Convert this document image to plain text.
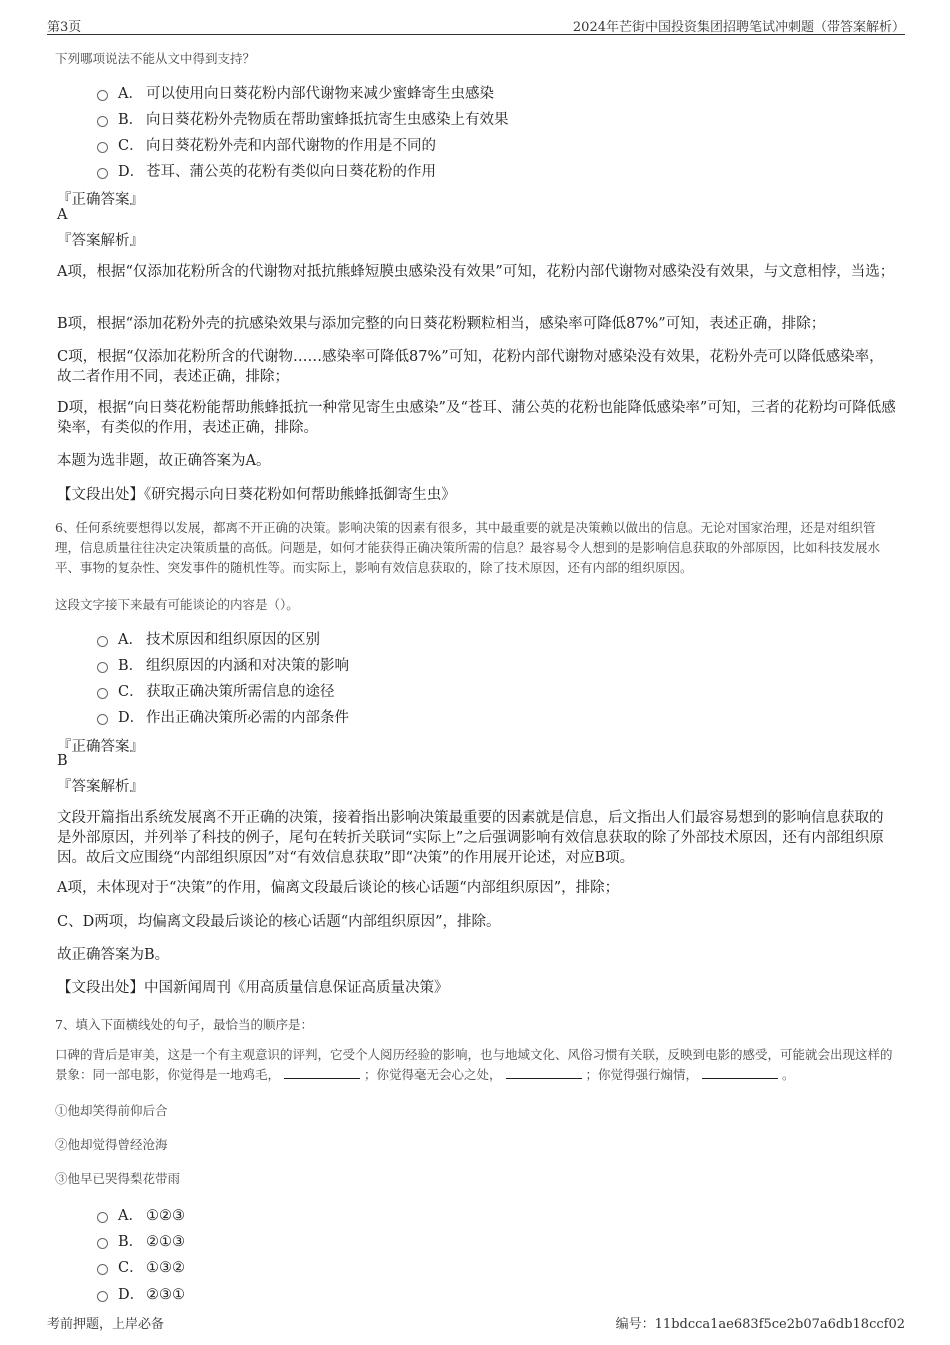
第3页	2024年芒街中国投资集团招聘笔试冲刺题（带答案解析）
下列哪项说法不能从文中得到支持？
A． 可以使用向日葵花粉内部代谢物来减少蜜蜂寄生虫感染
B． 向日葵花粉外壳物质在帮助蜜蜂抵抗寄生虫感染上有效果
C． 向日葵花粉外壳和内部代谢物的作用是不同的
D． 苍耳、蒲公英的花粉有类似向日葵花粉的作用
『正确答案』
A
『答案解析』
A项，根据“仅添加花粉所含的代谢物对抵抗熊蜂短膜虫感染没有效果”可知，花粉内部代谢物对感染没有效果，与文意相悖，当选；
B项，根据“添加花粉外壳的抗感染效果与添加完整的向日葵花粉颗粒相当，感染率可降低87%”可知，表述正确，排除；
C项，根据“仅添加花粉所含的代谢物……感染率可降低87%”可知，花粉内部代谢物对感染没有效果，花粉外壳可以降低感染率，故二者作用不同，表述正确，排除；
D项，根据“向日葵花粉能帮助熊蜂抵抗一种常见寄生虫感染”及“苍耳、蒲公英的花粉也能降低感染率”可知，三者的花粉均可降低感染率，有类似的作用，表述正确，排除。
本题为选非题，故正确答案为A。
【文段出处】《研究揭示向日葵花粉如何帮助熊蜂抵御寄生虫》
6、任何系统要想得以发展，都离不开正确的决策。影响决策的因素有很多，其中最重要的就是决策赖以做出的信息。无论对国家治理，还是对组织管理，信息质量往往决定决策质量的高低。问题是，如何才能获得正确决策所需的信息？最容易令人想到的是影响信息获取的外部原因，比如科技发展水平、事物的复杂性、突发事件的随机性等。而实际上，影响有效信息获取的，除了技术原因，还有内部的组织原因。
这段文字接下来最有可能谈论的内容是（）。
A． 技术原因和组织原因的区别
B． 组织原因的内涵和对决策的影响
C． 获取正确决策所需信息的途径
D． 作出正确决策所必需的内部条件
『正确答案』
B
『答案解析』
文段开篇指出系统发展离不开正确的决策，接着指出影响决策最重要的因素就是信息，后文指出人们最容易想到的影响信息获取的是外部原因，并列举了科技的例子，尾句在转折关联词“实际上”之后强调影响有效信息获取的除了外部技术原因，还有内部组织原因。故后文应围绕“内部组织原因”对“有效信息获取”即“决策”的作用展开论述，对应B项。
A项，未体现对于“决策”的作用，偏离文段最后谈论的核心话题“内部组织原因”，排除；
C、D两项，均偏离文段最后谈论的核心话题“内部组织原因”，排除。
故正确答案为B。
【文段出处】中国新闻周刊《用高质量信息保证高质量决策》
7、填入下面横线处的句子，最恰当的顺序是：
口碑的背后是审美，这是一个有主观意识的评判，它受个人阅历经验的影响，也与地域文化、风俗习惯有关联，反映到电影的感受，可能就会出现这样的景象：同一部电影，你觉得是一地鸡毛，	；你觉得毫无会心之处，	；你觉得强行煽情，	。
①他却笑得前仰后合
②他却觉得曾经沧海
③他早已哭得梨花带雨
A． ①②③
B． ②①③
C． ①③②
D． ②③①
考前押题，上岸必备	编号：11bdcca1ae683f5ce2b07a6db18ccf02
